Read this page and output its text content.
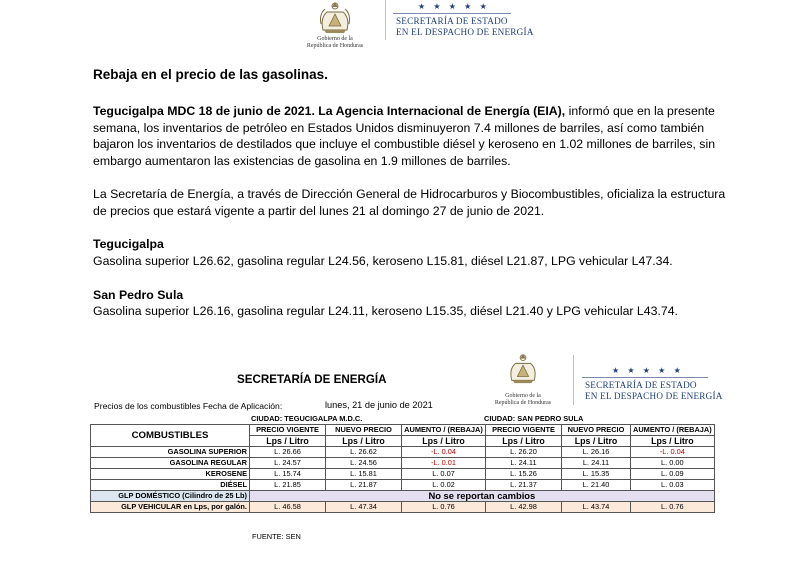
Gobierno de la
República de Honduras
★ ★ ★ ★ ★
SECRETARÍA DE ESTADO
EN EL DESPACHO DE ENERGÍA
Rebaja en el precio de las gasolinas.
Tegucigalpa MDC 18 de junio de 2021. La Agencia Internacional de Energía (EIA), informó que en la presente
semana, los inventarios de petróleo en Estados Unidos disminuyeron 7.4 millones de barriles, así como también
bajaron los inventarios de destilados que incluye el combustible diésel y keroseno en 1.02 millones de barriles, sin
embargo aumentaron las existencias de gasolina en 1.9 millones de barriles.
La Secretaría de Energía, a través de Dirección General de Hidrocarburos y Biocombustibles, oficializa la estructura
de precios que estará vigente a partir del lunes 21 al domingo 27 de junio de 2021.
Tegucigalpa
Gasolina superior L26.62, gasolina regular L24.56, keroseno L15.81, diésel L21.87, LPG vehicular L47.34.
San Pedro Sula
Gasolina superior L26.16, gasolina regular L24.11, keroseno L15.35, diésel L21.40 y LPG vehicular L43.74.
SECRETARÍA DE ENERGÍA
Gobierno de la
República de Honduras
★ ★ ★ ★ ★
SECRETARÍA DE ESTADO
EN EL DESPACHO DE ENERGÍA
Precios de los combustibles Fecha de Aplicación:	lunes, 21 de junio de 2021
CIUDAD: TEGUCIGALPA M.D.C.	CIUDAD: SAN PEDRO SULA
COMBUSTIBLES	PRECIO VIGENTE	NUEVO PRECIO	AUMENTO / (REBAJA)	PRECIO VIGENTE	NUEVO PRECIO	AUMENTO / (REBAJA)
	Lps / Litro	Lps / Litro	Lps / Litro	Lps / Litro	Lps / Litro	Lps / Litro
GASOLINA SUPERIOR	L. 26.66	L. 26.62	-L. 0.04	L. 26.20	L. 26.16	-L. 0.04
GASOLINA REGULAR	L. 24.57	L. 24.56	-L. 0.01	L. 24.11	L. 24.11	L. 0.00
KEROSENE	L. 15.74	L. 15.81	L. 0.07	L. 15.26	L. 15.35	L. 0.09
DIÉSEL	L. 21.85	L. 21.87	L. 0.02	L. 21.37	L. 21.40	L. 0.03
GLP DOMÉSTICO (Cilindro de 25 Lb)	No se reportan cambios					
GLP VEHICULAR en Lps, por galón.	L. 46.58	L. 47.34	L. 0.76	L. 42.98	L. 43.74	L. 0.76
FUENTE: SEN
